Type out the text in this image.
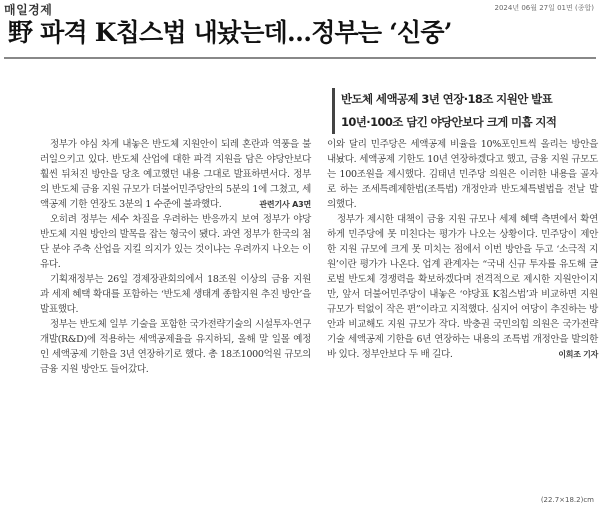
매일경제	2024년 06월 27일 01면 (종합)
野 파격 K칩스법 내놨는데…정부는 ‘신중’
반도체 세액공제 3년 연장·18조 지원안 발표
10년·100조 담긴 야당안보다 크게 미흡 지적

정부가 야심 차게 내놓은 반도체 지원안이 되레 혼란과 역풍을 불러일으키고 있다. 반도체 산업에 대한 파격 지원을 담은 야당안보다 훨씬 뒤처진 방안을 당초 예고했던 내용 그대로 발표하면서다. 정부의 반도체 금융 지원 규모가 더불어민주당안의 5분의 1에 그쳤고, 세액공제 기한 연장도 3분의 1 수준에 불과했다.	관련기사 A3면

오히려 정부는 세수 차질을 우려하는 반응까지 보여 정부가 야당 반도체 지원 방안의 발목을 잡는 형국이 됐다. 과연 정부가 한국의 첨단 분야 주축 산업을 지킬 의지가 있는 것이냐는 우려까지 나오는 이유다.

기획재정부는 26일 경제장관회의에서 18조원 이상의 금융 지원과 세제 혜택 확대를 포함하는 ‘반도체 생태계 종합지원 추진 방안’을 발표했다.

정부는 반도체 일부 기술을 포함한 국가전략기술의 시설투자·연구개발(R&D)에 적용하는 세액공제율을 유지하되, 올해 말 일몰 예정인 세액공제 기한을 3년 연장하기로 했다. 총 18조1000억원 규모의 금융 지원 방안도 들어갔다.

이와 달리 민주당은 세액공제 비율을 10%포인트씩 올리는 방안을 내놨다. 세액공제 기한도 10년 연장하겠다고 했고, 금융 지원 규모도는 100조원을 제시했다. 김태년 민주당 의원은 이러한 내용을 골자로 하는 조세특례제한법(조특법) 개정안과 반도체특별법을 전날 발의했다.

정부가 제시한 대책이 금융 지원 규모나 세제 혜택 측면에서 확연하게 민주당에 못 미친다는 평가가 나오는 상황이다. 민주당이 제안한 지원 규모에 크게 못 미치는 점에서 이번 방안을 두고 ‘소극적 지원’이란 평가가 나온다. 업계 관계자는 “국내 신규 투자를 유도해 글로벌 반도체 경쟁력을 확보하겠다며 전격적으로 제시한 지원안이지만, 앞서 더불어민주당이 내놓은 ‘야당표 K칩스법’과 비교하면 지원 규모가 턱없이 작은 편”이라고 지적했다. 심지어 여당이 추진하는 방안과 비교해도 지원 규모가 작다. 박충권 국민의힘 의원은 국가전략기술 세액공제 기한을 6년 연장하는 내용의 조특법 개정안을 발의한 바 있다. 정부안보다 두 배 길다.	이희조 기자

(22.7×18.2)cm
